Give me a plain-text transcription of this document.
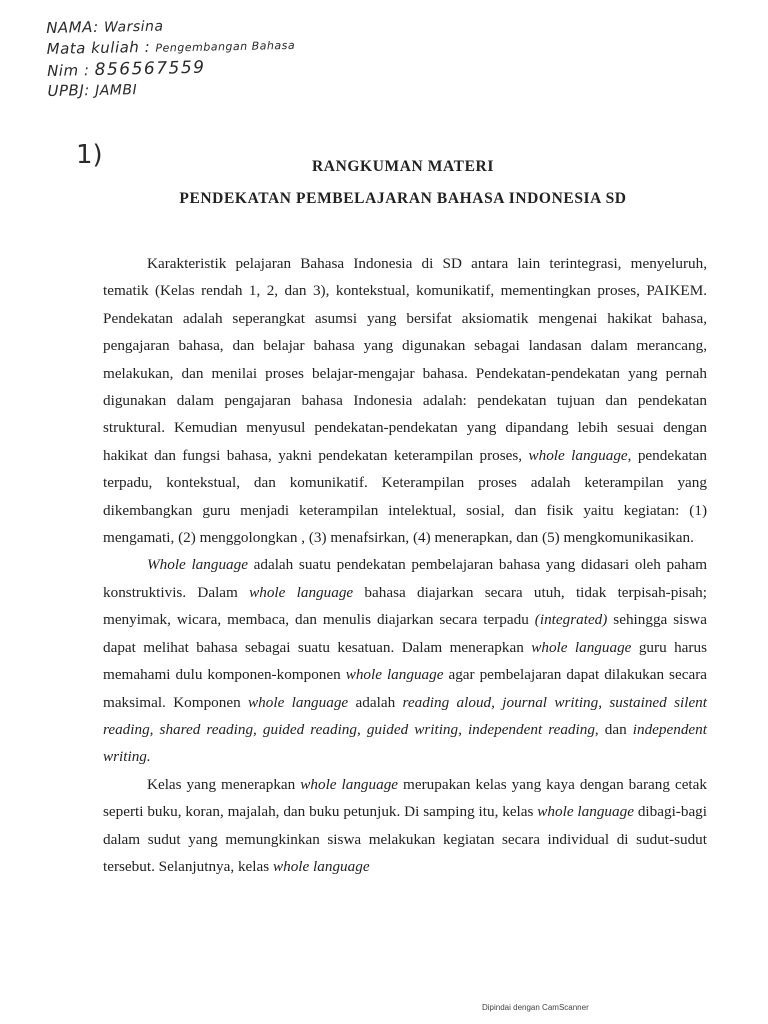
NAMA: Warsina
Mata kuliah : Pengembangan Bahasa
Nim : 856567559
UPBJ: JAMBI
1)	RANGKUMAN MATERI
PENDEKATAN PEMBELAJARAN BAHASA INDONESIA SD

Karakteristik pelajaran Bahasa Indonesia di SD antara lain terintegrasi, menyeluruh, tematik (Kelas rendah 1, 2, dan 3), kontekstual, komunikatif, mementingkan proses, PAIKEM. Pendekatan adalah seperangkat asumsi yang bersifat aksiomatik mengenai hakikat bahasa, pengajaran bahasa, dan belajar bahasa yang digunakan sebagai landasan dalam merancang, melakukan, dan menilai proses belajar-mengajar bahasa. Pendekatan-pendekatan yang pernah digunakan dalam pengajaran bahasa Indonesia adalah: pendekatan tujuan dan pendekatan struktural. Kemudian menyusul pendekatan-pendekatan yang dipandang lebih sesuai dengan hakikat dan fungsi bahasa, yakni pendekatan keterampilan proses, whole language, pendekatan terpadu, kontekstual, dan komunikatif. Keterampilan proses adalah keterampilan yang dikembangkan guru menjadi keterampilan intelektual, sosial, dan fisik yaitu kegiatan: (1) mengamati, (2) menggolongkan , (3) menafsirkan, (4) menerapkan, dan (5) mengkomunikasikan.

Whole language adalah suatu pendekatan pembelajaran bahasa yang didasari oleh paham konstruktivis. Dalam whole language bahasa diajarkan secara utuh, tidak terpisah-pisah; menyimak, wicara, membaca, dan menulis diajarkan secara terpadu (integrated) sehingga siswa dapat melihat bahasa sebagai suatu kesatuan. Dalam menerapkan whole language guru harus memahami dulu komponen-komponen whole language agar pembelajaran dapat dilakukan secara maksimal. Komponen whole language adalah reading aloud, journal writing, sustained silent reading, shared reading, guided reading, guided writing, independent reading, dan independent writing.

Kelas yang menerapkan whole language merupakan kelas yang kaya dengan barang cetak seperti buku, koran, majalah, dan buku petunjuk. Di samping itu, kelas whole language dibagi-bagi dalam sudut yang memungkinkan siswa melakukan kegiatan secara individual di sudut-sudut tersebut. Selanjutnya, kelas whole language

Dipindai dengan CamScanner
